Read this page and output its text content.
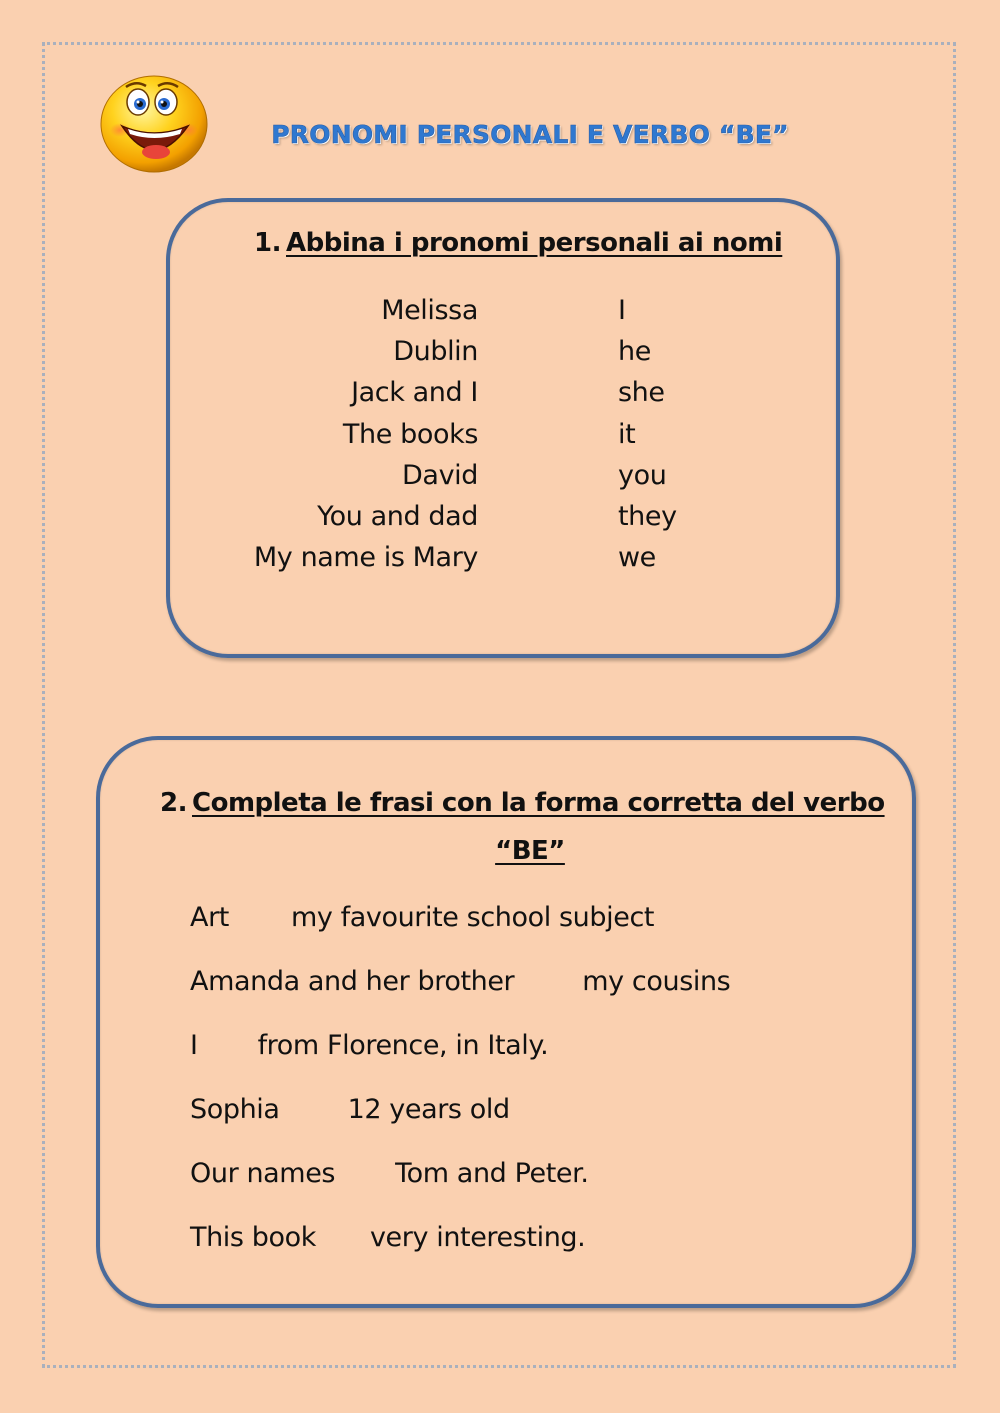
PRONOMI PERSONALI E VERBO “BE”
1. Abbina i pronomi personali ai nomi
Melissa
Dublin
Jack and I
The books
David
You and dad
My name is Mary
I
he
she
it
you
they
we
2. Completa le frasi con la forma corretta del verbo
“BE”
Art my favourite school subject
Amanda and her brother	my cousins
I from Florence, in Italy.
Sophia	12 years old
Our names Tom and Peter.
This book very interesting.
